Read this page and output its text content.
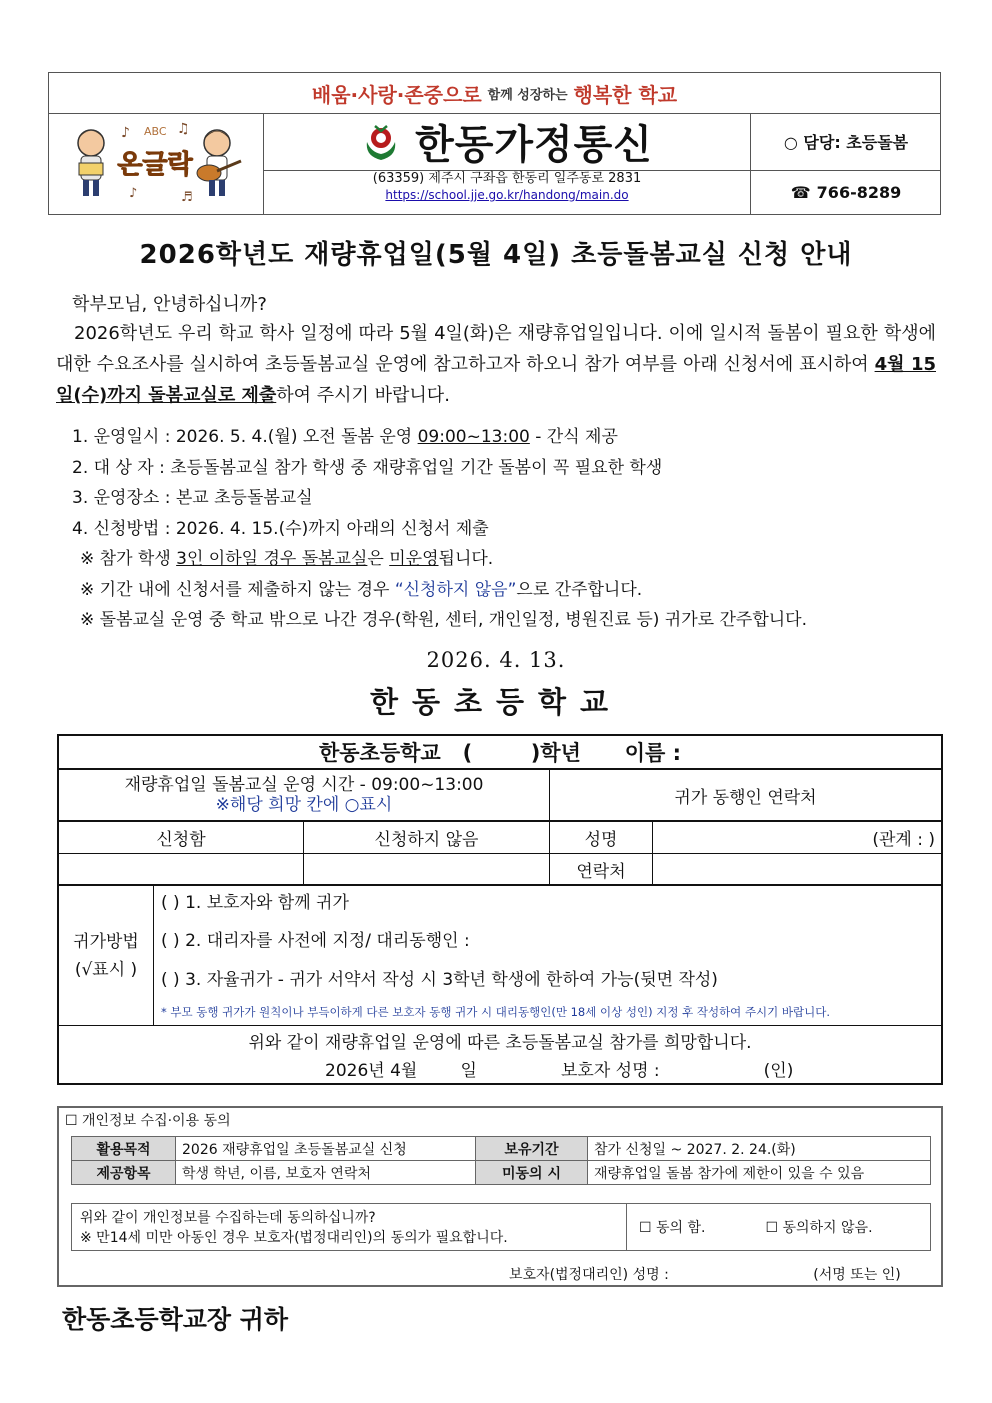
배움·사랑·존중으로 함께 성장하는 행복한 학교
♪	♫
♪	♬
ABC
온글락	한동가정통신
(63359) 제주시 구좌읍 한동리 일주동로 2831
https://school.jje.go.kr/handong/main.do
○ 담당: 초등돌봄
☎ 766-8289
2026학년도 재량휴업일(5월 4일) 초등돌봄교실 신청 안내
학부모님, 안녕하십니까?
2026학년도 우리 학교 학사 일정에 따라 5월 4일(화)은 재량휴업일입니다. 이에 일시적 돌봄이 필요한 학생에 대한 수요조사를 실시하여 초등돌봄교실 운영에 참고하고자 하오니 참가 여부를 아래 신청서에 표시하여 4월 15일(수)까지 돌봄교실로 제출하여 주시기 바랍니다.
1. 운영일시 : 2026. 5. 4.(월) 오전 돌봄 운영 09:00~13:00 - 간식 제공
2. 대 상 자 : 초등돌봄교실 참가 학생 중 재량휴업일 기간 돌봄이 꼭 필요한 학생
3. 운영장소 : 본교 초등돌봄교실
4. 신청방법 : 2026. 4. 15.(수)까지 아래의 신청서 제출
※ 참가 학생 3인 이하일 경우 돌봄교실은 미운영됩니다.
※ 기간 내에 신청서를 제출하지 않는 경우 “신청하지 않음”으로 간주합니다.
※ 돌봄교실 운영 중 학교 밖으로 나간 경우(학원, 센터, 개인일정, 병원진료 등) 귀가로 간주합니다.
2026. 4. 13.
한동초등학교
한동초등학교   (        )학년      이름 :
재량휴업일 돌봄교실 운영 시간 - 09:00~13:00
※해당 희망 칸에 ○표시	귀가 동행인 연락처
신청함	신청하지 않음	성명	(관계 : )
연락처
귀가방법
(√표시 )
( ) 1. 보호자와 함께 귀가
( ) 2. 대리자를 사전에 지정/ 대리동행인 :
( ) 3. 자율귀가 - 귀가 서약서 작성 시 3학년 학생에 한하여 가능(뒷면 작성)
* 부모 동행 귀가가 원칙이나 부득이하게 다른 보호자 동행 귀가 시 대리동행인(만 18세 이상 성인) 지정 후 작성하여 주시기 바랍니다.
위와 같이 재량휴업일 운영에 따른 초등돌봄교실 참가를 희망합니다.
2026년 4월        일	보호자 성명 :	(인)
☐ 개인정보 수집·이용 동의
활용목적	2026 재량휴업일 초등돌봄교실 신청	보유기간	참가 신청일 ~ 2027. 2. 24.(화)
제공항목	학생 학년, 이름, 보호자 연락처	미동의 시	재량휴업일 돌봄 참가에 제한이 있을 수 있음
위와 같이 개인정보를 수집하는데 동의하십니까?
※ 만14세 미만 아동인 경우 보호자(법정대리인)의 동의가 필요합니다.
☐ 동의 함.	☐ 동의하지 않음.
보호자(법정대리인) 성명 :	(서명 또는 인)
한동초등학교장 귀하
